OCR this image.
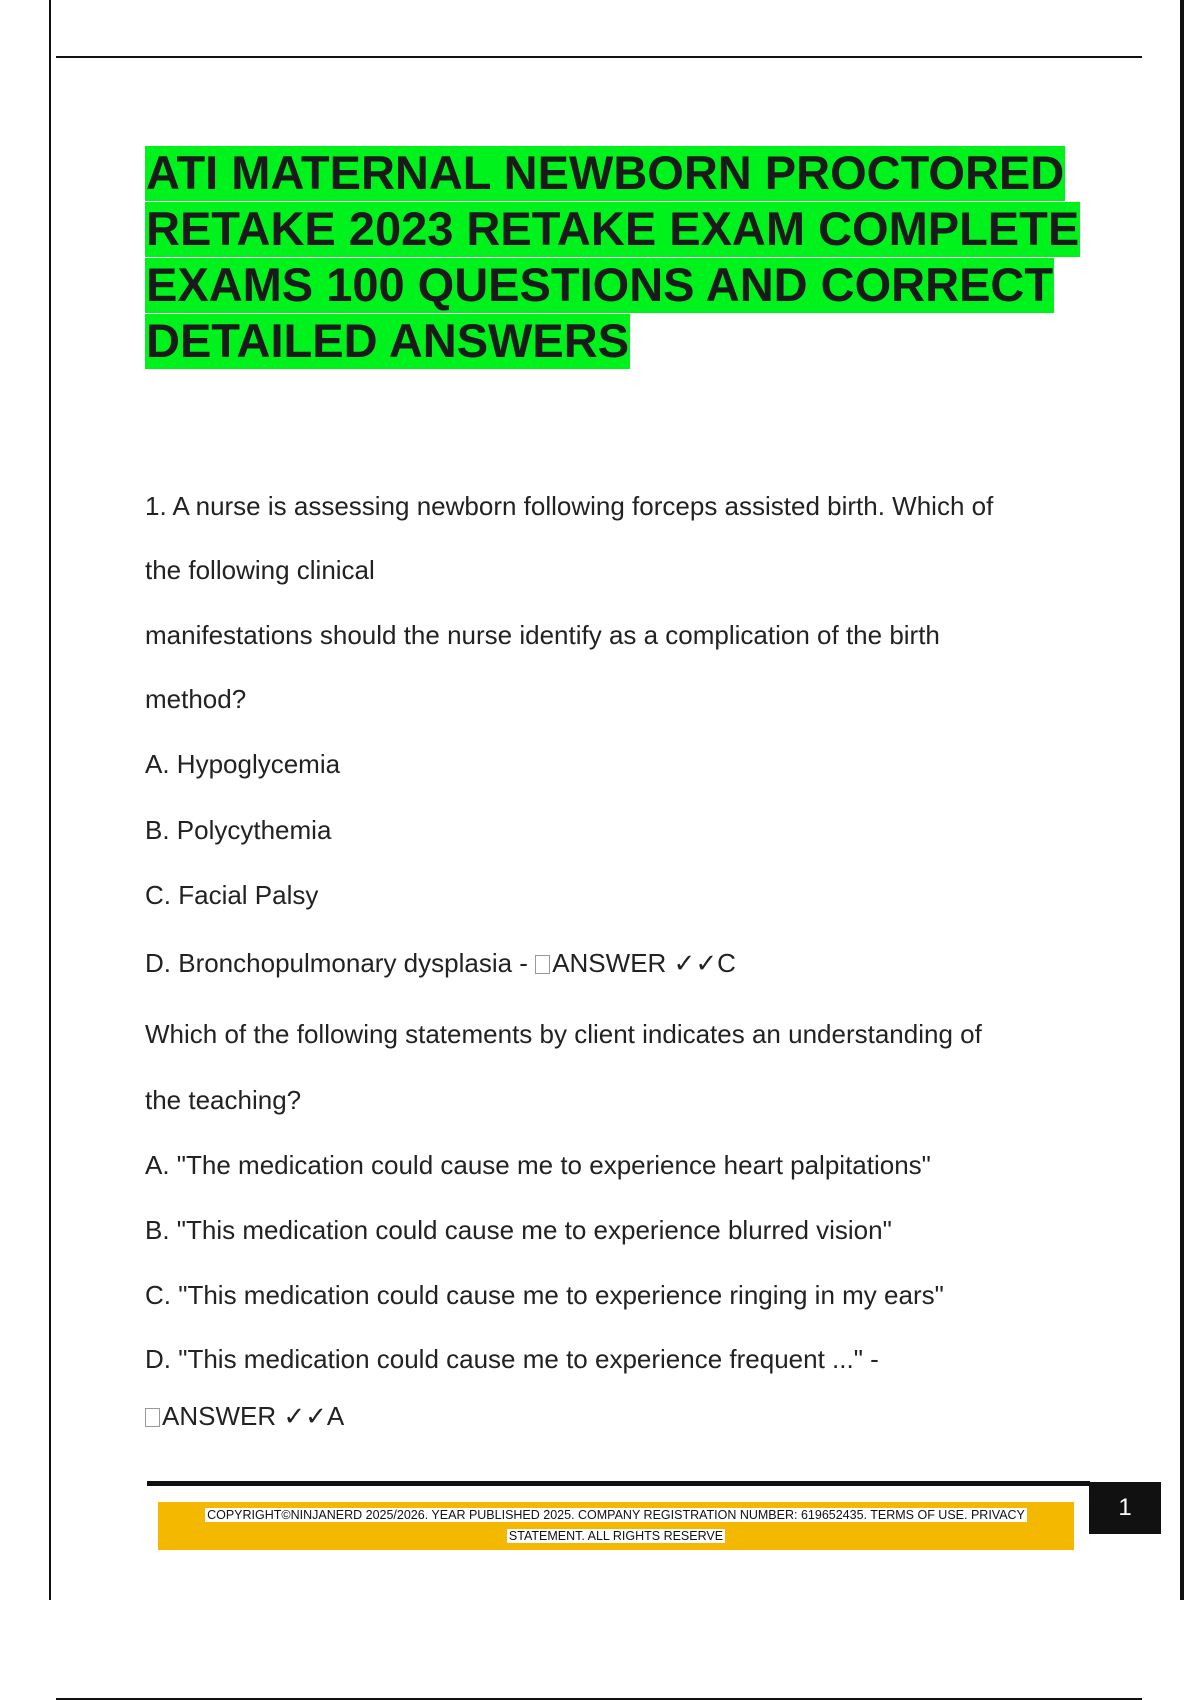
ATI MATERNAL NEWBORN PROCTORED RETAKE 2023 RETAKE EXAM COMPLETE EXAMS 100 QUESTIONS AND CORRECT DETAILED ANSWERS

1. A nurse is assessing newborn following forceps assisted birth. Which of

the following clinical

manifestations should the nurse identify as a complication of the birth

method?

A. Hypoglycemia

B. Polycythemia

C. Facial Palsy

D. Bronchopulmonary dysplasia - ANSWER ✓✓C

Which of the following statements by client indicates an understanding of

the teaching?

A. "The medication could cause me to experience heart palpitations"

B. "This medication could cause me to experience blurred vision"

C. "This medication could cause me to experience ringing in my ears"

D. "This medication could cause me to experience frequent ..." -

ANSWER ✓✓A

1
COPYRIGHT©NINJANERD 2025/2026. YEAR PUBLISHED 2025. COMPANY REGISTRATION NUMBER: 619652435. TERMS OF USE. PRIVACY
STATEMENT. ALL RIGHTS RESERVE
